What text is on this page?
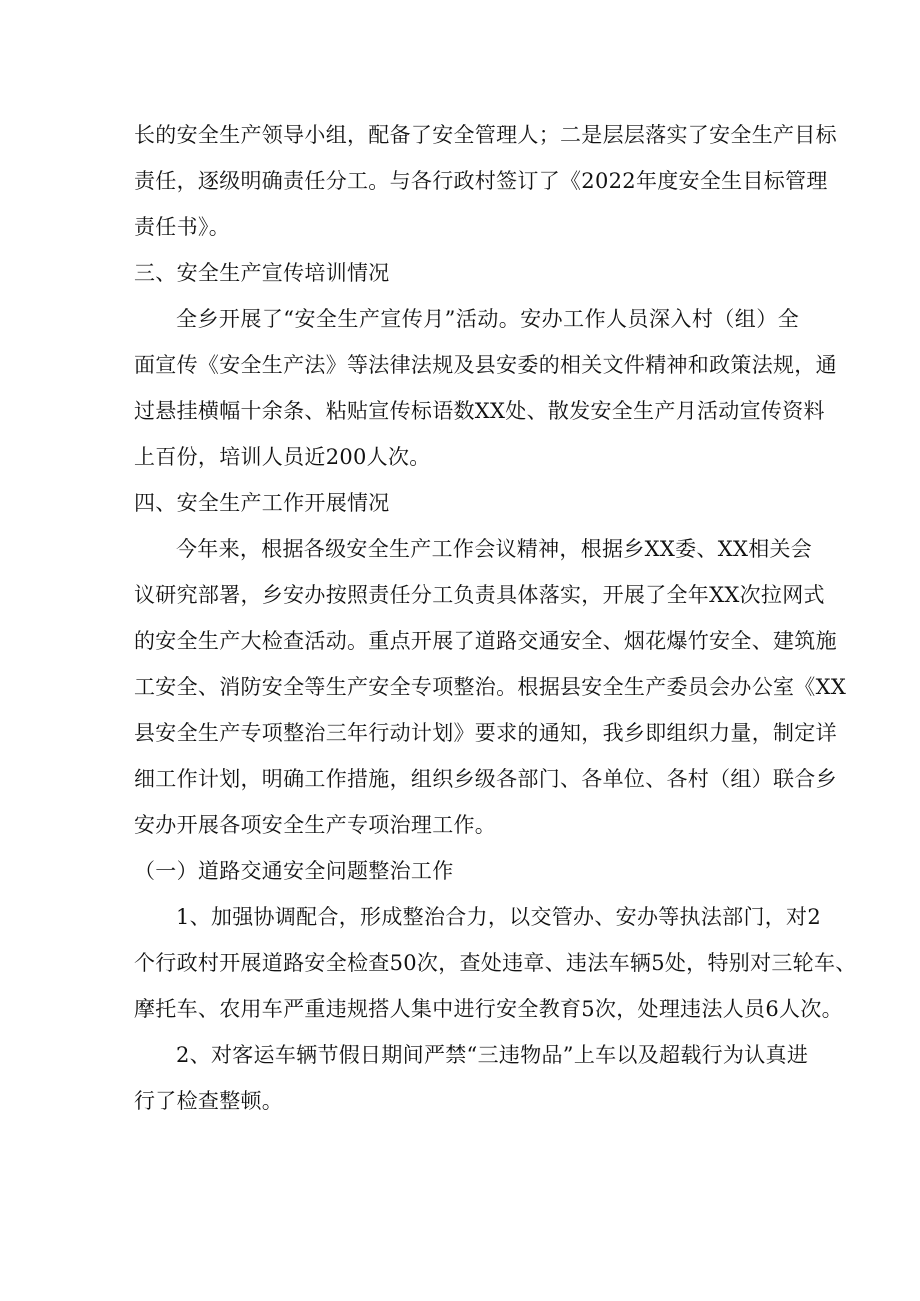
长的安全生产领导小组，配备了安全管理人；二是层层落实了安全生产目标
责任，逐级明确责任分工。与各行政村签订了《2022年度安全生目标管理
责任书》。
三、安全生产宣传培训情况
全乡开展了“安全生产宣传月”活动。安办工作人员深入村（组）全
面宣传《安全生产法》等法律法规及县安委的相关文件精神和政策法规，通
过悬挂横幅十余条、粘贴宣传标语数XX处、散发安全生产月活动宣传资料
上百份，培训人员近200人次。
四、安全生产工作开展情况
今年来，根据各级安全生产工作会议精神，根据乡XX委、XX相关会
议研究部署，乡安办按照责任分工负责具体落实，开展了全年XX次拉网式
的安全生产大检查活动。重点开展了道路交通安全、烟花爆竹安全、建筑施
工安全、消防安全等生产安全专项整治。根据县安全生产委员会办公室《XX
县安全生产专项整治三年行动计划》要求的通知，我乡即组织力量，制定详
细工作计划，明确工作措施，组织乡级各部门、各单位、各村（组）联合乡
安办开展各项安全生产专项治理工作。
（一）道路交通安全问题整治工作
1、加强协调配合，形成整治合力，以交管办、安办等执法部门，对2
个行政村开展道路安全检查50次，查处违章、违法车辆5处，特别对三轮车、
摩托车、农用车严重违规搭人集中进行安全教育5次，处理违法人员6人次。
2、对客运车辆节假日期间严禁“三违物品”上车以及超载行为认真进
行了检查整顿。
